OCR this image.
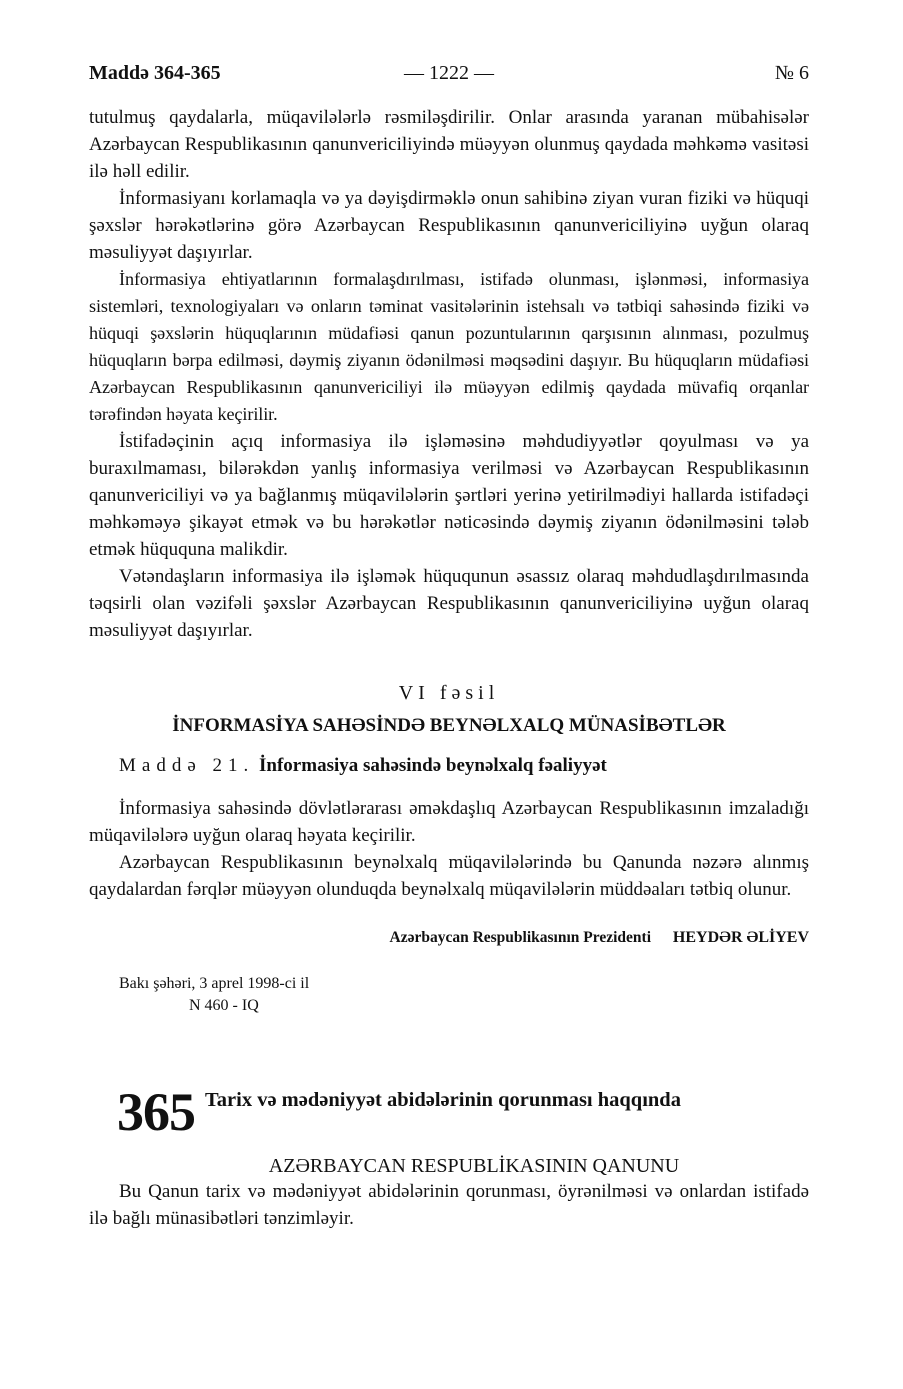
Maddə 364-365	— 1222 —	№ 6

tutulmuş qaydalarla, müqavilələrlə rəsmiləşdirilir. Onlar arasında yaranan mübahisələr Azərbaycan Respublikasının qanunvericiliyində müəyyən olunmuş qaydada məhkəmə vasitəsi ilə həll edilir.

İnformasiyanı korlamaqla və ya dəyişdirməklə onun sahibinə ziyan vuran fiziki və hüquqi şəxslər hərəkətlərinə görə Azərbaycan Respublikasının qanunvericiliyinə uyğun olaraq məsuliyyət daşıyırlar.

İnformasiya ehtiyatlarının formalaşdırılması, istifadə olunması, işlənməsi, informasiya sistemləri, texnologiyaları və onların təminat vasitələrinin istehsalı və tətbiqi sahəsində fiziki və hüquqi şəxslərin hüquqlarının müdafiəsi qanun pozuntularının qarşısının alınması, pozulmuş hüquqların bərpa edilməsi, dəymiş ziyanın ödənilməsi məqsədini daşıyır. Bu hüquqların müdafiəsi Azərbaycan Respublikasının qanunvericiliyi ilə müəyyən edilmiş qaydada müvafiq orqanlar tərəfindən həyata keçirilir.

İstifadəçinin açıq informasiya ilə işləməsinə məhdudiyyətlər qoyulması və ya buraxılmaması, bilərəkdən yanlış informasiya verilməsi və Azərbaycan Respublikasının qanunvericiliyi və ya bağlanmış müqavilələrin şərtləri yerinə yetirilmədiyi hallarda istifadəçi məhkəməyə şikayət etmək və bu hərəkətlər nəticəsində dəymiş ziyanın ödənilməsini tələb etmək hüququna malikdir.

Vətəndaşların informasiya ilə işləmək hüququnun əsassız olaraq məhdudlaşdırılmasında təqsirli olan vəzifəli şəxslər Azərbaycan Respublikasının qanunvericiliyinə uyğun olaraq məsuliyyət daşıyırlar.

VI fəsil
İNFORMASİYA SAHƏSİNDƏ BEYNƏLXALQ MÜNASİBƏTLƏR
Maddə 21. İnformasiya sahəsində beynəlxalq fəaliyyət

İnformasiya sahəsində dövlətlərarası əməkdaşlıq Azərbaycan Respublikasının imzaladığı müqavilələrə uyğun olaraq həyata keçirilir.

Azərbaycan Respublikasının beynəlxalq müqavilələrində bu Qanunda nəzərə alınmış qaydalardan fərqlər müəyyən olunduqda beynəlxalq müqavilələrin müddəaları tətbiq olunur.

Azərbaycan Respublikasının Prezidenti HEYDƏR ƏLİYEV
Bakı şəhəri, 3 aprel 1998-ci il
N 460 - IQ
365 Tarix və mədəniyyət abidələrinin qorunması haqqında
AZƏRBAYCAN RESPUBLİKASININ QANUNU

Bu Qanun tarix və mədəniyyət abidələrinin qorunması, öyrənilməsi və onlardan istifadə ilə bağlı münasibətləri tənzimləyir.
